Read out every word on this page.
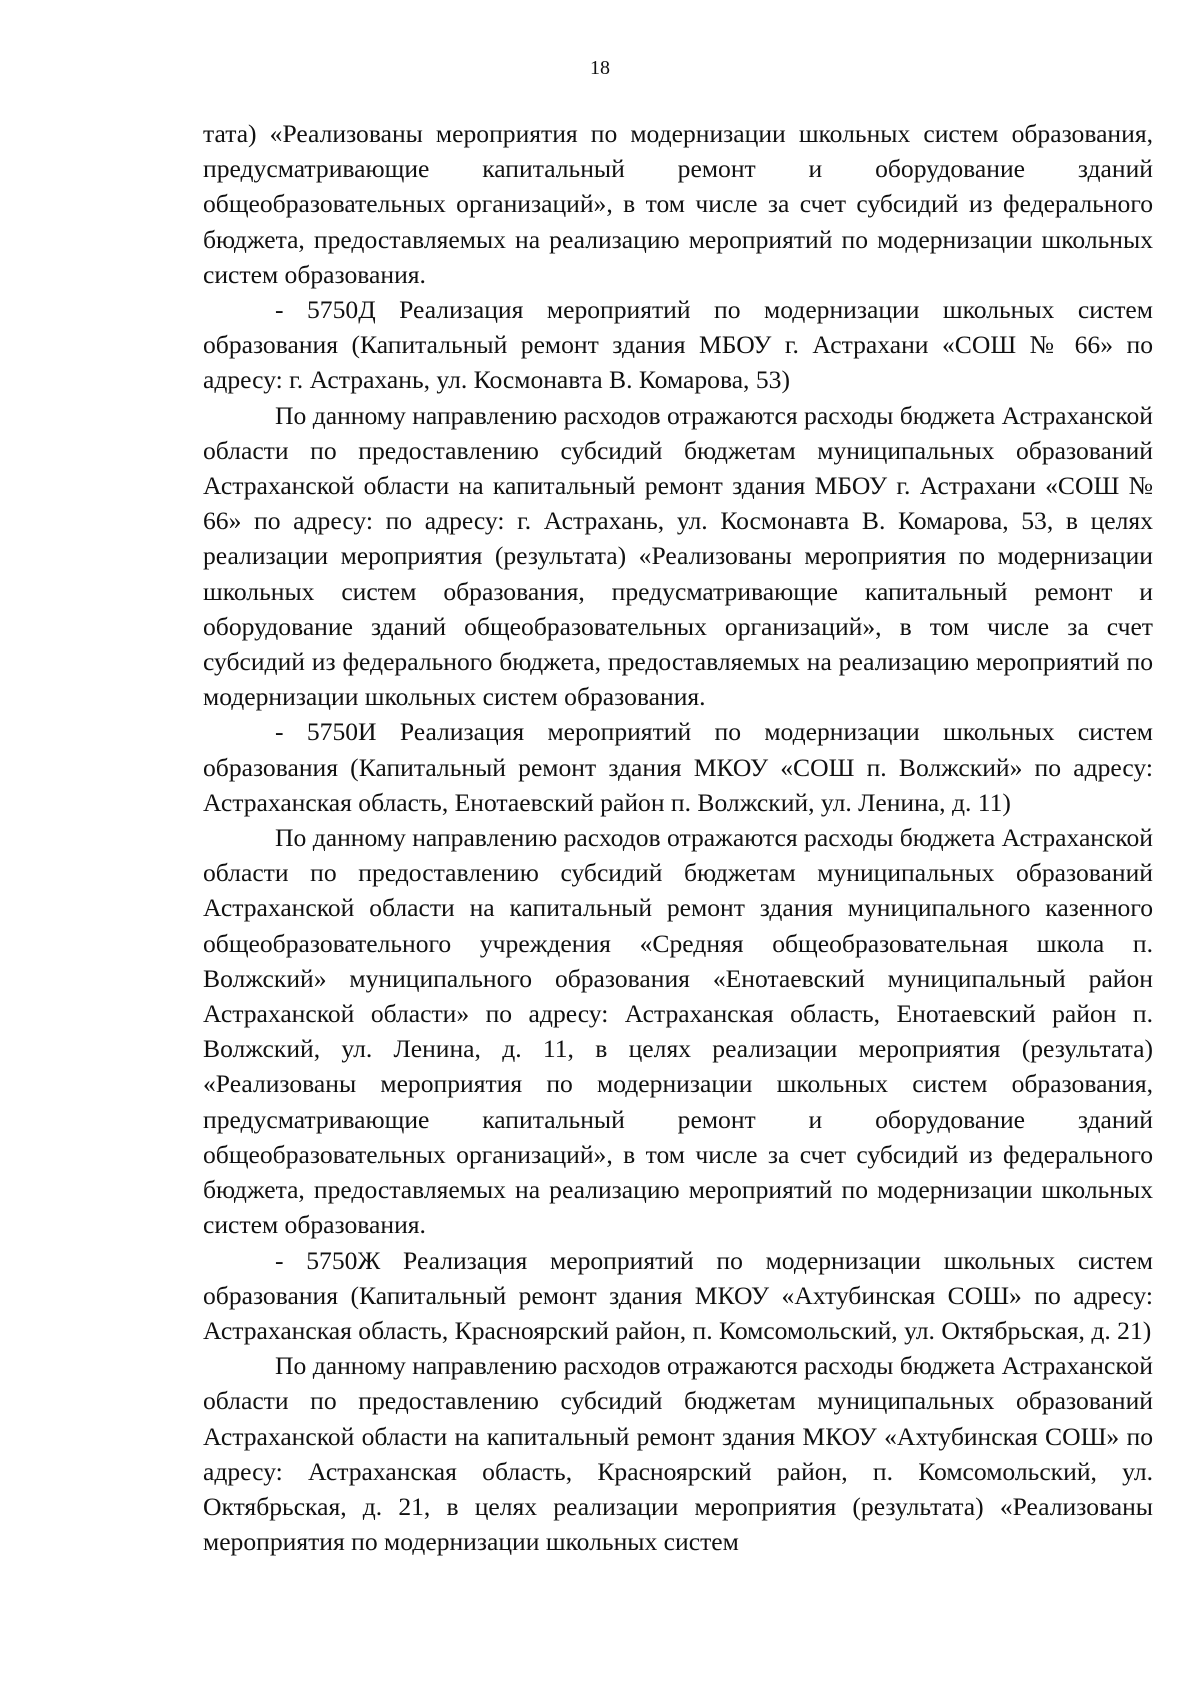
18

тата) «Реализованы мероприятия по модернизации школьных систем образования, предусматривающие капитальный ремонт и оборудование зданий общеобразовательных организаций», в том числе за счет субсидий из федерального бюджета, предоставляемых на реализацию мероприятий по модернизации школьных систем образования.

- 5750Д Реализация мероприятий по модернизации школьных систем образования (Капитальный ремонт здания МБОУ г. Астрахани «СОШ № 66» по адресу: г. Астрахань, ул. Космонавта В. Комарова, 53)

По данному направлению расходов отражаются расходы бюджета Астраханской области по предоставлению субсидий бюджетам муниципальных образований Астраханской области на капитальный ремонт здания МБОУ г. Астрахани «СОШ № 66» по адресу: по адресу: г. Астрахань, ул. Космонавта В. Комарова, 53, в целях реализации мероприятия (результата) «Реализованы мероприятия по модернизации школьных систем образования, предусматривающие капитальный ремонт и оборудование зданий общеобразовательных организаций», в том числе за счет субсидий из федерального бюджета, предоставляемых на реализацию мероприятий по модернизации школьных систем образования.

- 5750И Реализация мероприятий по модернизации школьных систем образования (Капитальный ремонт здания МКОУ «СОШ п. Волжский» по адресу: Астраханская область, Енотаевский район п. Волжский, ул. Ленина, д. 11)

По данному направлению расходов отражаются расходы бюджета Астраханской области по предоставлению субсидий бюджетам муниципальных образований Астраханской области на капитальный ремонт здания муниципального казенного общеобразовательного учреждения «Средняя общеобразовательная школа п. Волжский» муниципального образования «Енотаевский муниципальный район Астраханской области» по адресу: Астраханская область, Енотаевский район п. Волжский, ул. Ленина, д. 11, в целях реализации мероприятия (результата) «Реализованы мероприятия по модернизации школьных систем образования, предусматривающие капитальный ремонт и оборудование зданий общеобразовательных организаций», в том числе за счет субсидий из федерального бюджета, предоставляемых на реализацию мероприятий по модернизации школьных систем образования.

- 5750Ж Реализация мероприятий по модернизации школьных систем образования (Капитальный ремонт здания МКОУ «Ахтубинская СОШ» по адресу: Астраханская область, Красноярский район, п. Комсомольский, ул. Октябрьская, д. 21)

По данному направлению расходов отражаются расходы бюджета Астраханской области по предоставлению субсидий бюджетам муниципальных образований Астраханской области на капитальный ремонт здания МКОУ «Ахтубинская СОШ» по адресу: Астраханская область, Красноярский район, п. Комсомольский, ул. Октябрьская, д. 21, в целях реализации мероприятия (результата) «Реализованы мероприятия по модернизации школьных систем
